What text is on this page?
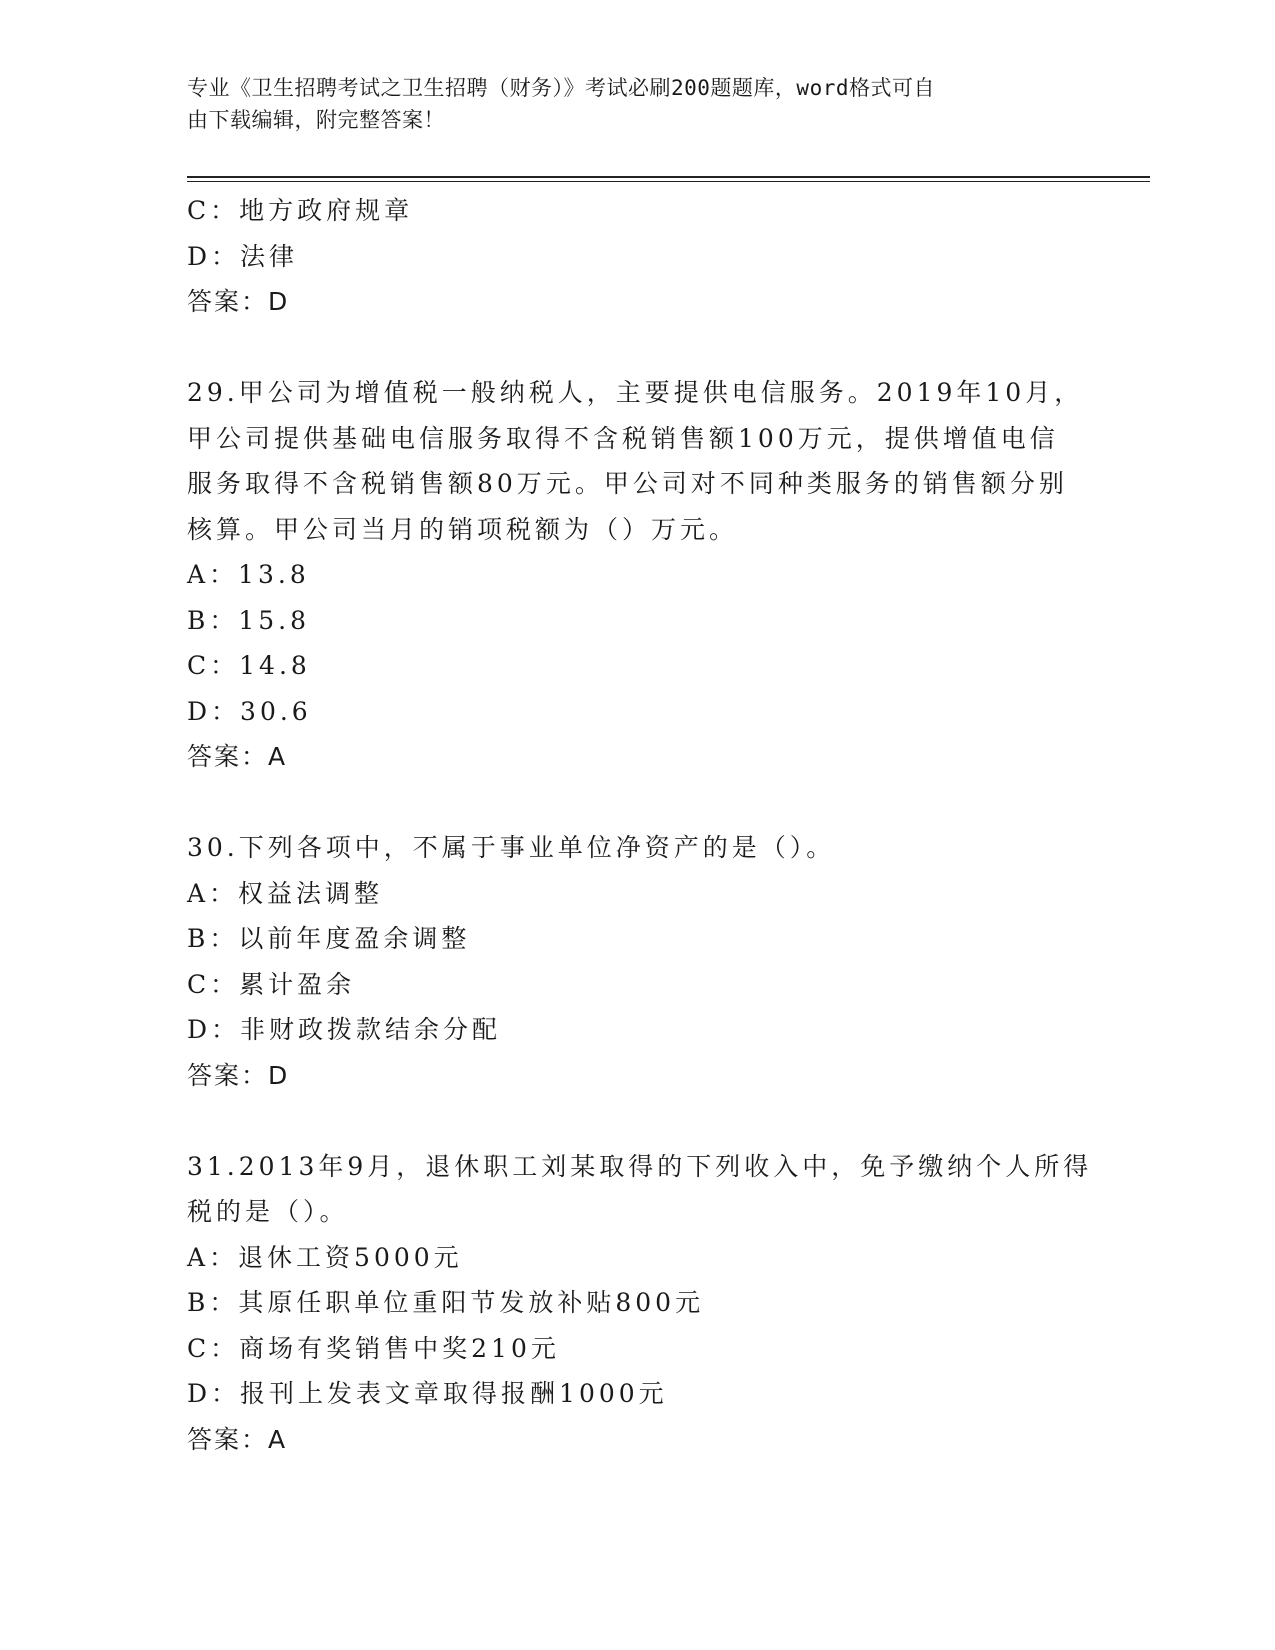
专业《卫生招聘考试之卫生招聘（财务）》考试必刷200题题库，word格式可自
由下载编辑，附完整答案！
C：地方政府规章
D：法律
答案：D
29.甲公司为增值税一般纳税人，主要提供电信服务。2019年10月，
甲公司提供基础电信服务取得不含税销售额100万元，提供增值电信
服务取得不含税销售额80万元。甲公司对不同种类服务的销售额分别
核算。甲公司当月的销项税额为（）万元。
A：13.8
B：15.8
C：14.8
D：30.6
答案：A
30.下列各项中，不属于事业单位净资产的是（）。
A：权益法调整
B：以前年度盈余调整
C：累计盈余
D：非财政拨款结余分配
答案：D
31.2013年9月，退休职工刘某取得的下列收入中，免予缴纳个人所得
税的是（）。
A：退休工资5000元
B：其原任职单位重阳节发放补贴800元
C：商场有奖销售中奖210元
D：报刊上发表文章取得报酬1000元
答案：A
